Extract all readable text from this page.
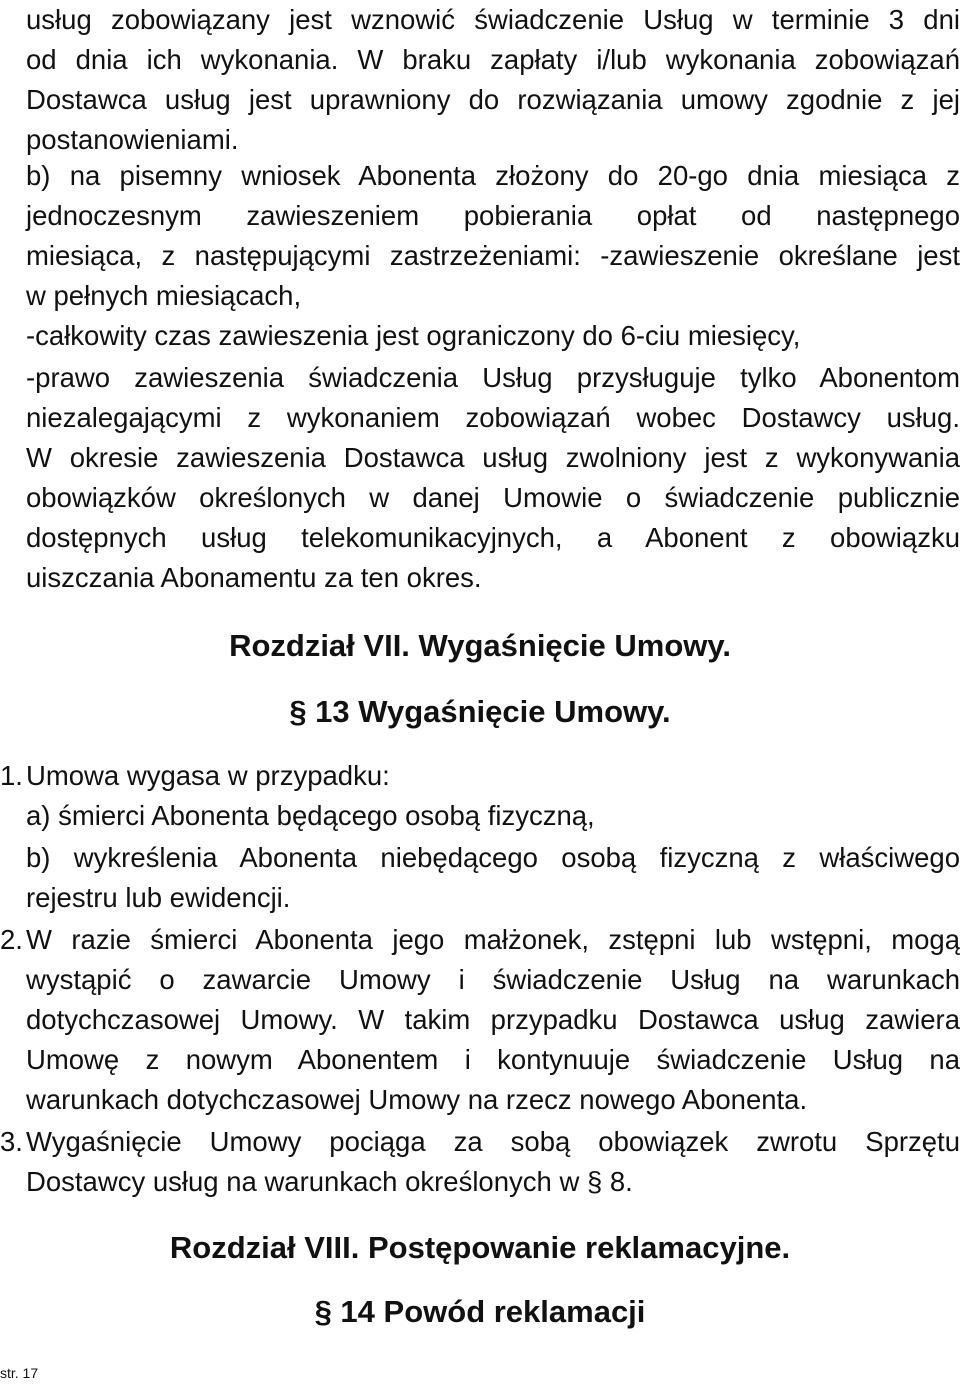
usług zobowiązany jest wznowić świadczenie Usług w terminie 3 dni
od dnia ich wykonania. W braku zapłaty i/lub wykonania zobowiązań
Dostawca usług jest uprawniony do rozwiązania umowy zgodnie z jej
postanowieniami.
b) na pisemny wniosek Abonenta złożony do 20-go dnia miesiąca z
jednoczesnym zawieszeniem pobierania opłat od następnego
miesiąca, z następującymi zastrzeżeniami: -zawieszenie określane jest
w pełnych miesiącach,
-całkowity czas zawieszenia jest ograniczony do 6-ciu miesięcy,
-prawo zawieszenia świadczenia Usług przysługuje tylko Abonentom
niezalegającymi z wykonaniem zobowiązań wobec Dostawcy usług.
W okresie zawieszenia Dostawca usług zwolniony jest z wykonywania
obowiązków określonych w danej Umowie o świadczenie publicznie
dostępnych usług telekomunikacyjnych, a Abonent z obowiązku
uiszczania Abonamentu za ten okres.
Rozdział VII. Wygaśnięcie Umowy.
§ 13 Wygaśnięcie Umowy.
1. Umowa wygasa w przypadku:
a) śmierci Abonenta będącego osobą fizyczną,
b) wykreślenia Abonenta niebędącego osobą fizyczną z właściwego
rejestru lub ewidencji.
2. W razie śmierci Abonenta jego małżonek, zstępni lub wstępni, mogą
wystąpić o zawarcie Umowy i świadczenie Usług na warunkach
dotychczasowej Umowy. W takim przypadku Dostawca usług zawiera
Umowę z nowym Abonentem i kontynuuje świadczenie Usług na
warunkach dotychczasowej Umowy na rzecz nowego Abonenta.
3. Wygaśnięcie Umowy pociąga za sobą obowiązek zwrotu Sprzętu
Dostawcy usług na warunkach określonych w § 8.
Rozdział VIII. Postępowanie reklamacyjne.
§ 14 Powód reklamacji
str. 17
